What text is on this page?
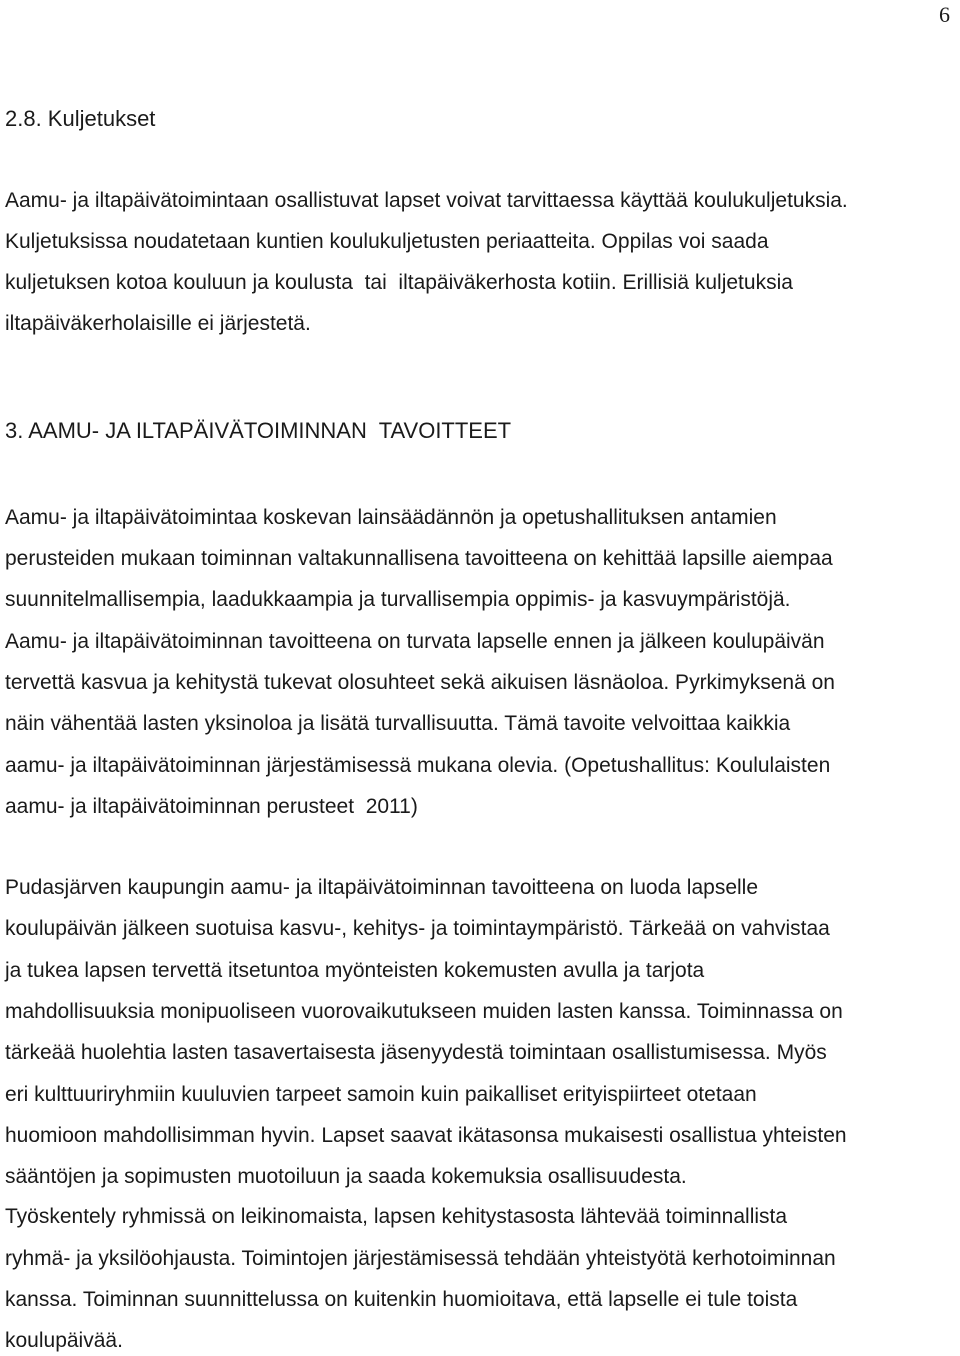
6
2.8. Kuljetukset

Aamu- ja iltapäivätoimintaan osallistuvat lapset voivat tarvittaessa käyttää koulukuljetuksia.

Kuljetuksissa noudatetaan kuntien koulukuljetusten periaatteita. Oppilas voi saada

kuljetuksen kotoa kouluun ja koulusta  tai  iltapäiväkerhosta kotiin. Erillisiä kuljetuksia

iltapäiväkerholaisille ei järjestetä.

3. AAMU- JA ILTAPÄIVÄTOIMINNAN  TAVOITTEET

Aamu- ja iltapäivätoimintaa koskevan lainsäädännön ja opetushallituksen antamien

perusteiden mukaan toiminnan valtakunnallisena tavoitteena on kehittää lapsille aiempaa

suunnitelmallisempia, laadukkaampia ja turvallisempia oppimis- ja kasvuympäristöjä.

Aamu- ja iltapäivätoiminnan tavoitteena on turvata lapselle ennen ja jälkeen koulupäivän

tervettä kasvua ja kehitystä tukevat olosuhteet sekä aikuisen läsnäoloa. Pyrkimyksenä on

näin vähentää lasten yksinoloa ja lisätä turvallisuutta. Tämä tavoite velvoittaa kaikkia

aamu- ja iltapäivätoiminnan järjestämisessä mukana olevia. (Opetushallitus: Koululaisten

aamu- ja iltapäivätoiminnan perusteet  2011)

Pudasjärven kaupungin aamu- ja iltapäivätoiminnan tavoitteena on luoda lapselle

koulupäivän jälkeen suotuisa kasvu-, kehitys- ja toimintaympäristö. Tärkeää on vahvistaa

ja tukea lapsen tervettä itsetuntoa myönteisten kokemusten avulla ja tarjota

mahdollisuuksia monipuoliseen vuorovaikutukseen muiden lasten kanssa. Toiminnassa on

tärkeää huolehtia lasten tasavertaisesta jäsenyydestä toimintaan osallistumisessa. Myös

eri kulttuuriryhmiin kuuluvien tarpeet samoin kuin paikalliset erityispiirteet otetaan

huomioon mahdollisimman hyvin. Lapset saavat ikätasonsa mukaisesti osallistua yhteisten

sääntöjen ja sopimusten muotoiluun ja saada kokemuksia osallisuudesta.

Työskentely ryhmissä on leikinomaista, lapsen kehitystasosta lähtevää toiminnallista

ryhmä- ja yksilöohjausta. Toimintojen järjestämisessä tehdään yhteistyötä kerhotoiminnan

kanssa. Toiminnan suunnittelussa on kuitenkin huomioitava, että lapselle ei tule toista

koulupäivää.
